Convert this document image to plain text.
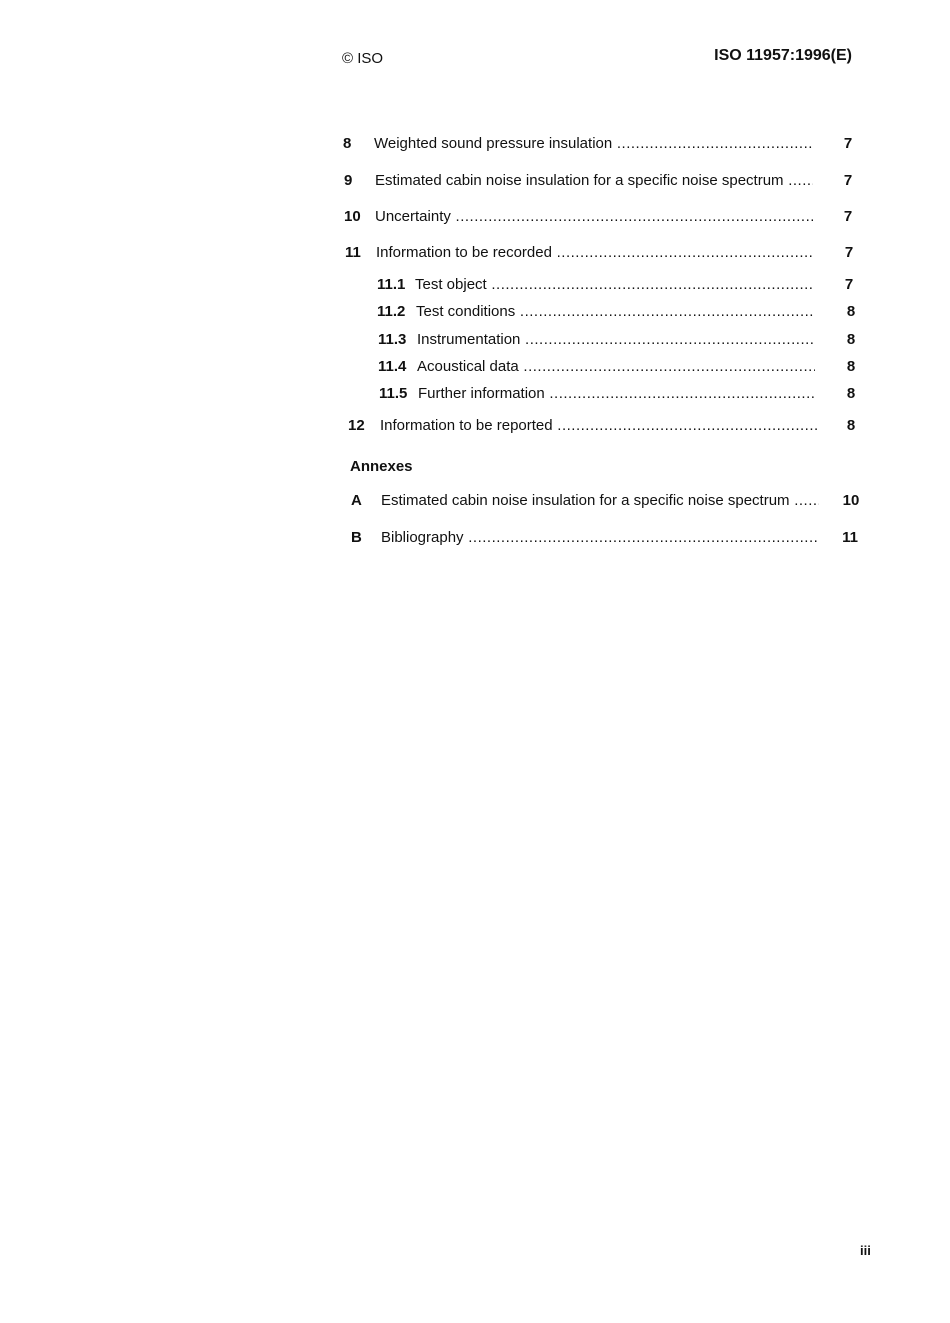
© ISO	ISO 11957:1996(E)
8 Weighted sound pressure insulation .....	7
9 Estimated cabin noise insulation for a specific noise spectrum .....	7
10 Uncertainty .....	7
11 Information to be recorded .....	7
11.1 Test object .....	7
11.2 Test conditions .....	8
11.3 Instrumentation .....	8
11.4 Acoustical data .....	8
11.5 Further information .....	8
12 Information to be reported .....	8
Annexes
A Estimated cabin noise insulation for a specific noise spectrum .....	10
B Bibliography .....	11
iii
